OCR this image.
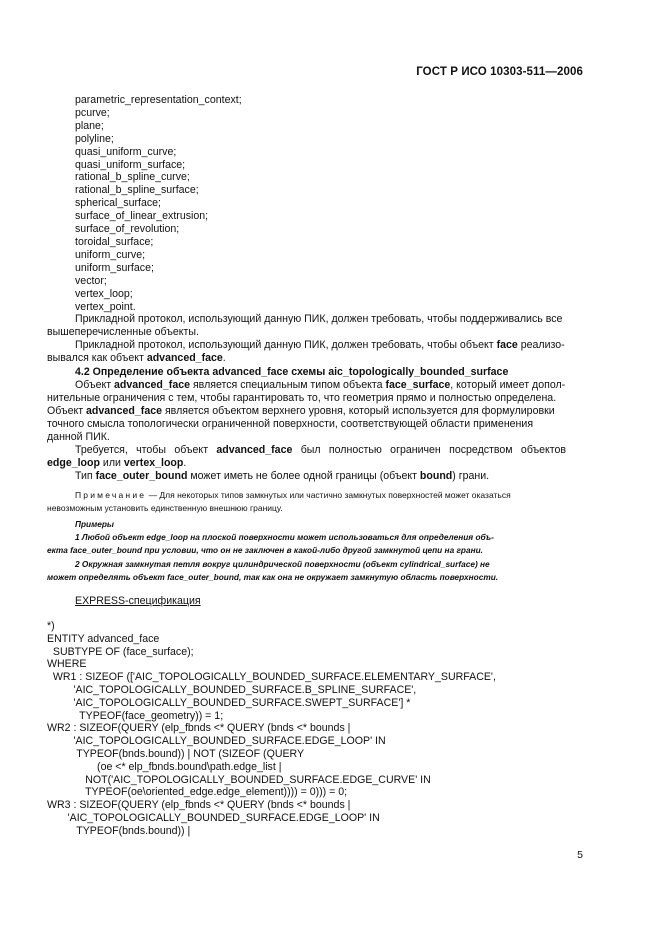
ГОСТ Р ИСО 10303-511—2006
parametric_representation_context;
pcurve;
plane;
polyline;
quasi_uniform_curve;
quasi_uniform_surface;
rational_b_spline_curve;
rational_b_spline_surface;
spherical_surface;
surface_of_linear_extrusion;
surface_of_revolution;
toroidal_surface;
uniform_curve;
uniform_surface;
vector;
vertex_loop;
vertex_point.
Прикладной протокол, использующий данную ПИК, должен требовать, чтобы поддерживались все
вышеперечисленные объекты.
Прикладной протокол, использующий данную ПИК, должен требовать, чтобы объект face реализо-
вывался как объект advanced_face.
4.2 Определение объекта advanced_face схемы aic_topologically_bounded_surface
Объект advanced_face является специальным типом объекта face_surface, который имеет допол-
нительные ограничения с тем, чтобы гарантировать то, что геометрия прямо и полностью определена.
Объект advanced_face является объектом верхнего уровня, который используется для формулировки
точного смысла топологически ограниченной поверхности, соответствующей области применения
данной ПИК.
Требуется, чтобы объект advanced_face был полностью ограничен посредством объектов
edge_loop или vertex_loop.
Тип face_outer_bound может иметь не более одной границы (объект bound) грани.
Примечание — Для некоторых типов замкнутых или частично замкнутых поверхностей может оказаться
невозможным установить единственную внешнюю границу.
Примеры
1 Любой объект edge_loop на плоской поверхности может использоваться для определения объ-
екта face_outer_bound при условии, что он не заключен в какой-либо другой замкнутой цепи на грани.
2 Окружная замкнутая петля вокруг цилиндрической поверхности (объект cylindrical_surface) не
может определять объект face_outer_bound, так как она не окружает замкнутую область поверхности.
EXPRESS-спецификация
*)
ENTITY advanced_face
SUBTYPE OF (face_surface);
WHERE
WR1 : SIZEOF (['AIC_TOPOLOGICALLY_BOUNDED_SURFACE.ELEMENTARY_SURFACE',
'AIC_TOPOLOGICALLY_BOUNDED_SURFACE.B_SPLINE_SURFACE',
'AIC_TOPOLOGICALLY_BOUNDED_SURFACE.SWEPT_SURFACE'] *
TYPEOF(face_geometry)) = 1;
WR2 : SIZEOF(QUERY (elp_fbnds <* QUERY (bnds <* bounds |
'AIC_TOPOLOGICALLY_BOUNDED_SURFACE.EDGE_LOOP' IN
TYPEOF(bnds.bound)) | NOT (SIZEOF (QUERY
(oe <* elp_fbnds.bound\path.edge_list |
NOT('AIC_TOPOLOGICALLY_BOUNDED_SURFACE.EDGE_CURVE' IN
TYPEOF(oe\oriented_edge.edge_element)))) = 0))) = 0;
WR3 : SIZEOF(QUERY (elp_fbnds <* QUERY (bnds <* bounds |
'AIC_TOPOLOGICALLY_BOUNDED_SURFACE.EDGE_LOOP' IN
TYPEOF(bnds.bound)) |
5
